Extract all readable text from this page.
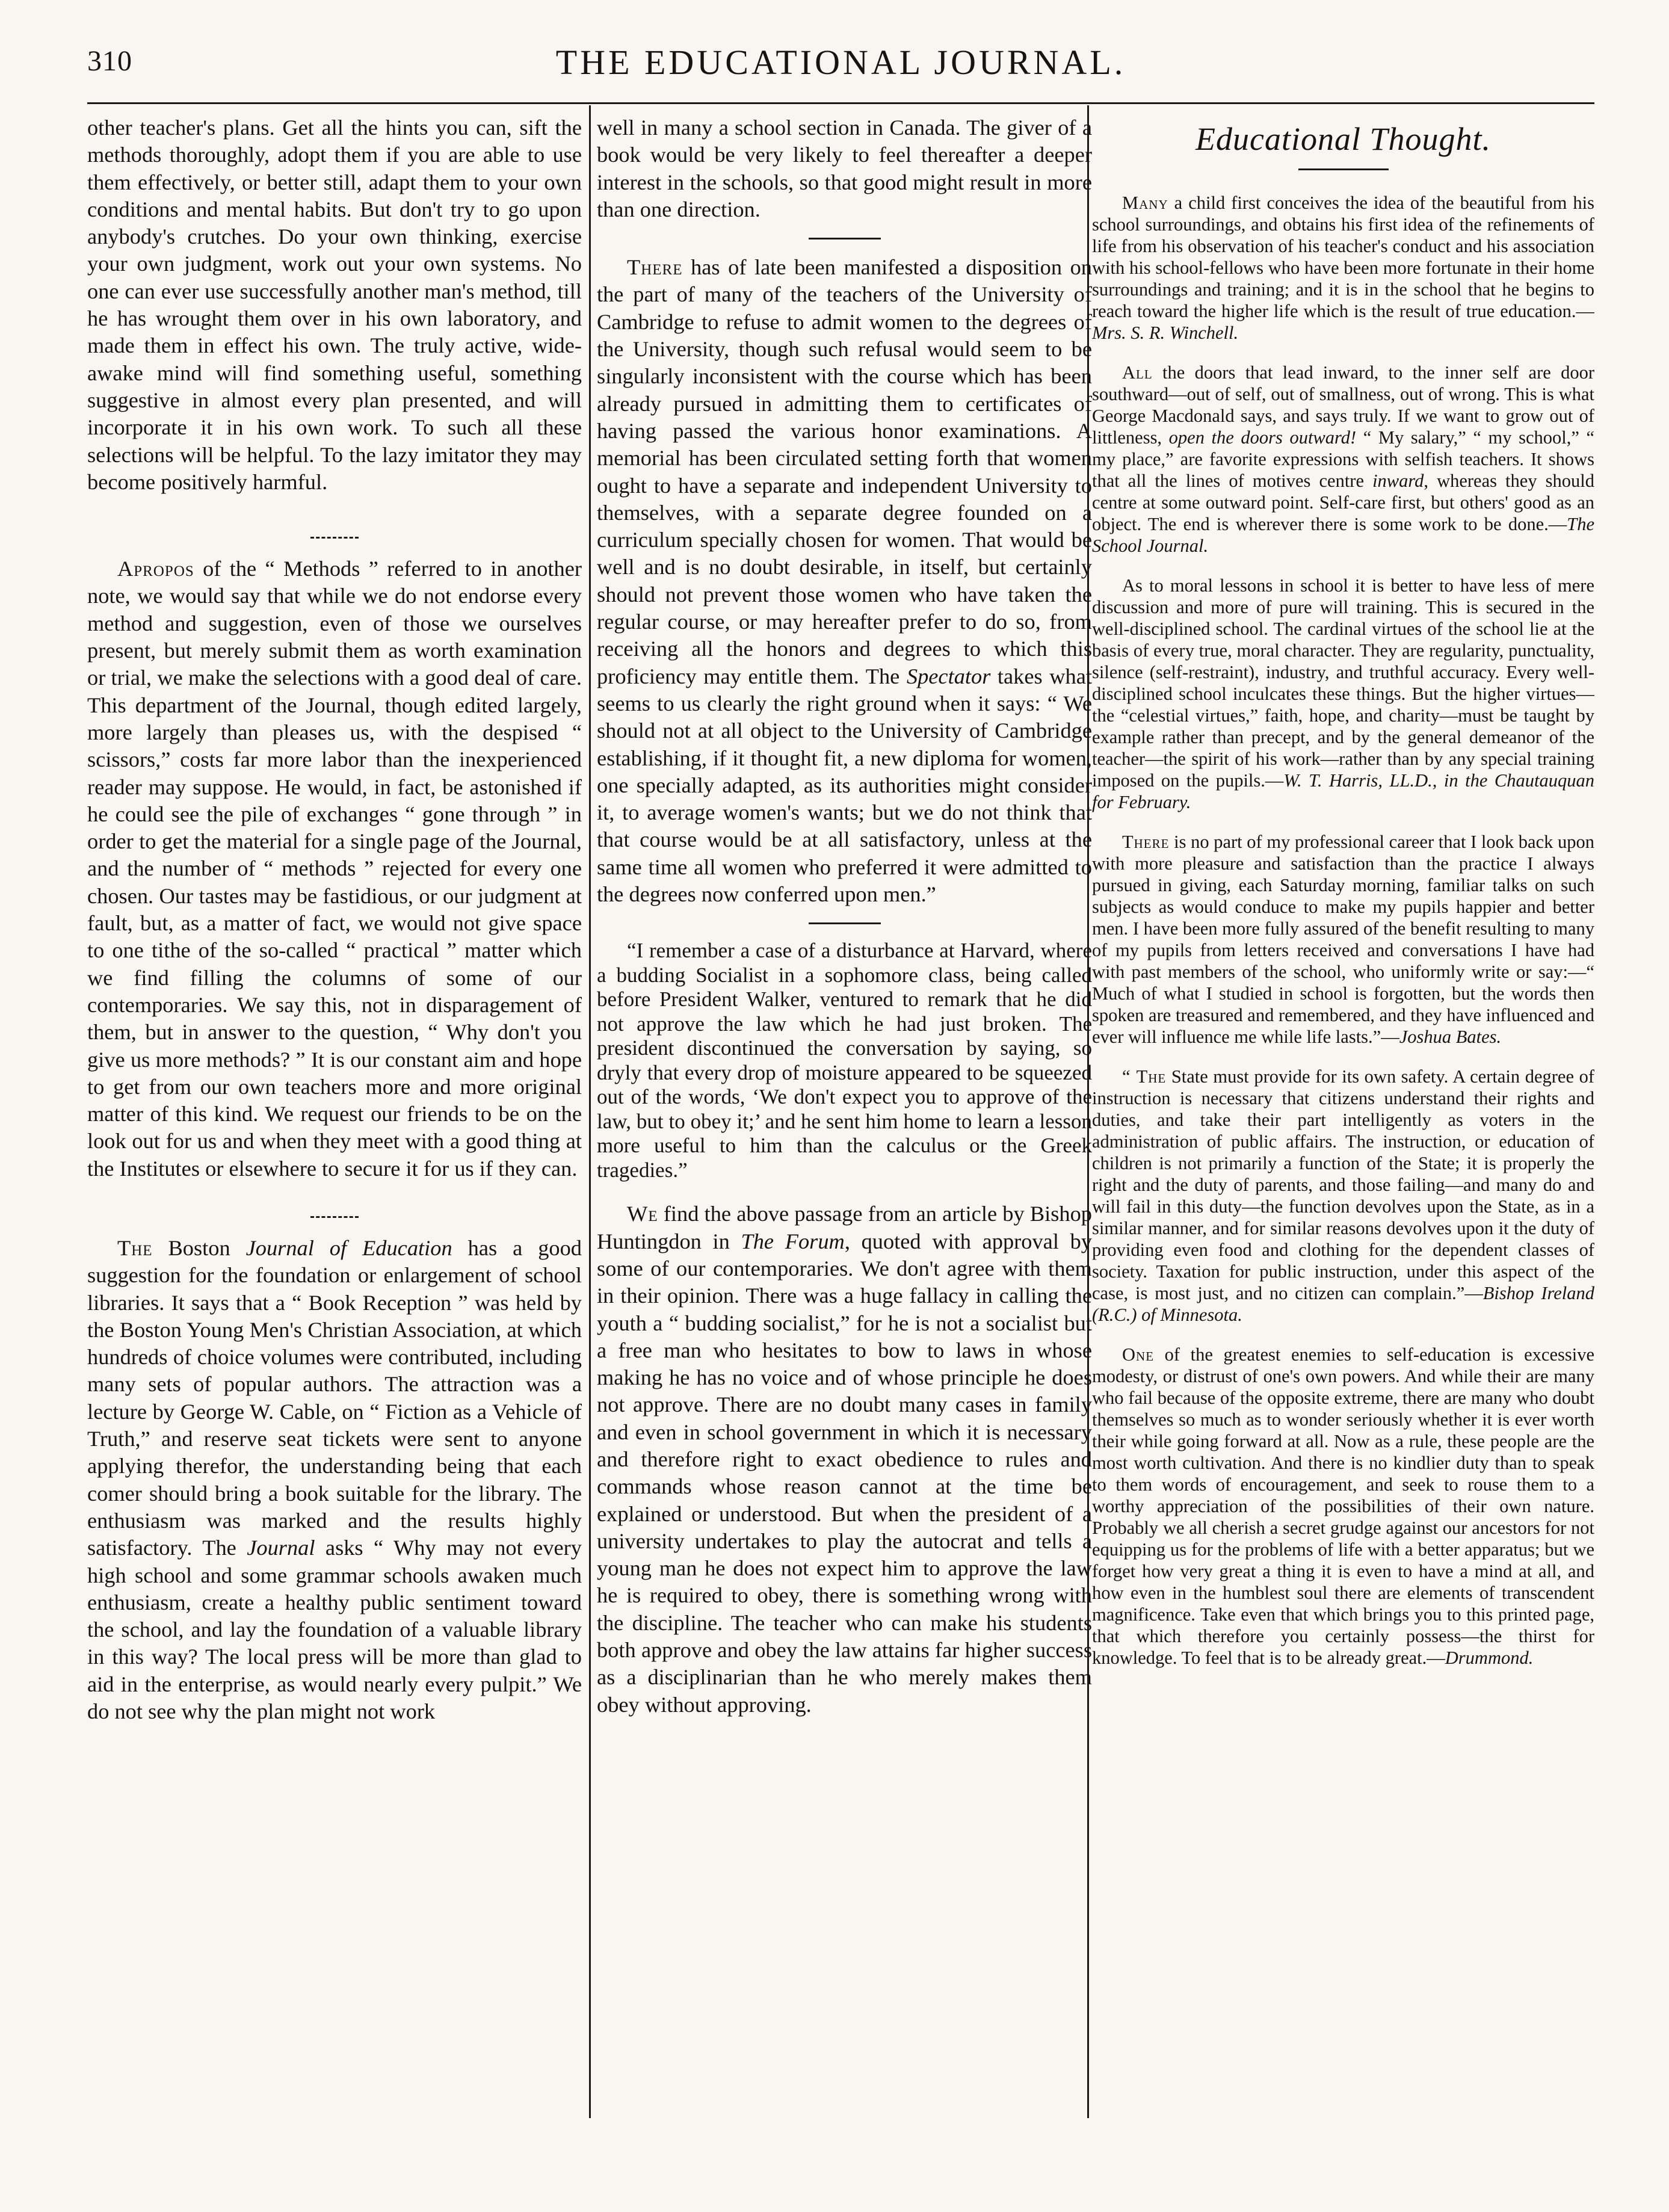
310	THE EDUCATIONAL JOURNAL.

other teacher's plans. Get all the hints you can, sift the methods thoroughly, adopt them if you are able to use them effectively, or better still, adapt them to your own conditions and mental habits. But don't try to go upon anybody's crutches. Do your own thinking, exercise your own judgment, work out your own systems. No one can ever use successfully another man's method, till he has wrought them over in his own laboratory, and made them in effect his own. The truly active, wide-awake mind will find something useful, something suggestive in almost every plan presented, and will incorporate it in his own work. To such all these selections will be helpful. To the lazy imitator they may become positively harmful.

Apropos of the “ Methods ” referred to in another note, we would say that while we do not endorse every method and suggestion, even of those we ourselves present, but merely submit them as worth examination or trial, we make the selections with a good deal of care. This department of the Journal, though edited largely, more largely than pleases us, with the despised “ scissors,” costs far more labor than the inexperienced reader may suppose. He would, in fact, be astonished if he could see the pile of exchanges “ gone through ” in order to get the material for a single page of the Journal, and the number of “ methods ” rejected for every one chosen. Our tastes may be fastidious, or our judgment at fault, but, as a matter of fact, we would not give space to one tithe of the so-called “ practical ” matter which we find filling the columns of some of our contemporaries. We say this, not in disparagement of them, but in answer to the question, “ Why don't you give us more methods? ” It is our constant aim and hope to get from our own teachers more and more original matter of this kind. We request our friends to be on the look out for us and when they meet with a good thing at the Institutes or elsewhere to secure it for us if they can.

The Boston Journal of Education has a good suggestion for the foundation or enlargement of school libraries. It says that a “ Book Reception ” was held by the Boston Young Men's Christian Association, at which hundreds of choice volumes were contributed, including many sets of popular authors. The attraction was a lecture by George W. Cable, on “ Fiction as a Vehicle of Truth,” and reserve seat tickets were sent to anyone applying therefor, the understanding being that each comer should bring a book suitable for the library. The enthusiasm was marked and the results highly satisfactory. The Journal asks “ Why may not every high school and some grammar schools awaken much enthusiasm, create a healthy public sentiment toward the school, and lay the foundation of a valuable library in this way? The local press will be more than glad to aid in the enterprise, as would nearly every pulpit.” We do not see why the plan might not work

well in many a school section in Canada. The giver of a book would be very likely to feel thereafter a deeper interest in the schools, so that good might result in more than one direction.

There has of late been manifested a disposition on the part of many of the teachers of the University of Cambridge to refuse to admit women to the degrees of the University, though such refusal would seem to be singularly inconsistent with the course which has been already pursued in admitting them to certificates of having passed the various honor examinations. A memorial has been circulated setting forth that women ought to have a separate and independent University to themselves, with a separate degree founded on a curriculum specially chosen for women. That would be well and is no doubt desirable, in itself, but certainly should not prevent those women who have taken the regular course, or may hereafter prefer to do so, from receiving all the honors and degrees to which this proficiency may entitle them. The Spectator takes what seems to us clearly the right ground when it says: “ We should not at all object to the University of Cambridge establishing, if it thought fit, a new diploma for women, one specially adapted, as its authorities might consider it, to average women's wants; but we do not think that that course would be at all satisfactory, unless at the same time all women who preferred it were admitted to the degrees now conferred upon men.”

“I remember a case of a disturbance at Harvard, where a budding Socialist in a sophomore class, being called before President Walker, ventured to remark that he did not approve the law which he had just broken. The president discontinued the conversation by saying, so dryly that every drop of moisture appeared to be squeezed out of the words, ‘We don't expect you to approve of the law, but to obey it;’ and he sent him home to learn a lesson more useful to him than the calculus or the Greek tragedies.”

We find the above passage from an article by Bishop Huntingdon in The Forum, quoted with approval by some of our contemporaries. We don't agree with them in their opinion. There was a huge fallacy in calling the youth a “ budding socialist,” for he is not a socialist but a free man who hesitates to bow to laws in whose making he has no voice and of whose principle he does not approve. There are no doubt many cases in family and even in school government in which it is necessary and therefore right to exact obedience to rules and commands whose reason cannot at the time be explained or understood. But when the president of a university undertakes to play the autocrat and tells a young man he does not expect him to approve the law he is required to obey, there is something wrong with the discipline. The teacher who can make his students both approve and obey the law attains far higher success as a disciplinarian than he who merely makes them obey without approving.

Educational Thought.

Many a child first conceives the idea of the beautiful from his school surroundings, and obtains his first idea of the refinements of life from his observation of his teacher's conduct and his association with his school-fellows who have been more fortunate in their home surroundings and training; and it is in the school that he begins to reach toward the higher life which is the result of true education.—Mrs. S. R. Winchell.

All the doors that lead inward, to the inner self are door southward—out of self, out of smallness, out of wrong. This is what George Macdonald says, and says truly. If we want to grow out of littleness, open the doors outward! “ My salary,” “ my school,” “ my place,” are favorite expressions with selfish teachers. It shows that all the lines of motives centre inward, whereas they should centre at some outward point. Self-care first, but others' good as an object. The end is wherever there is some work to be done.—The School Journal.

As to moral lessons in school it is better to have less of mere discussion and more of pure will training. This is secured in the well-disciplined school. The cardinal virtues of the school lie at the basis of every true, moral character. They are regularity, punctuality, silence (self-restraint), industry, and truthful accuracy. Every well-disciplined school inculcates these things. But the higher virtues—the “celestial virtues,” faith, hope, and charity—must be taught by example rather than precept, and by the general demeanor of the teacher—the spirit of his work—rather than by any special training imposed on the pupils.—W. T. Harris, LL.D., in the Chautauquan for February.

There is no part of my professional career that I look back upon with more pleasure and satisfaction than the practice I always pursued in giving, each Saturday morning, familiar talks on such subjects as would conduce to make my pupils happier and better men. I have been more fully assured of the benefit resulting to many of my pupils from letters received and conversations I have had with past members of the school, who uniformly write or say:—“ Much of what I studied in school is forgotten, but the words then spoken are treasured and remembered, and they have influenced and ever will influence me while life lasts.”—Joshua Bates.

“ The State must provide for its own safety. A certain degree of instruction is necessary that citizens understand their rights and duties, and take their part intelligently as voters in the administration of public affairs. The instruction, or education of children is not primarily a function of the State; it is properly the right and the duty of parents, and those failing—and many do and will fail in this duty—the function devolves upon the State, as in a similar manner, and for similar reasons devolves upon it the duty of providing even food and clothing for the dependent classes of society. Taxation for public instruction, under this aspect of the case, is most just, and no citizen can complain.”—Bishop Ireland (R.C.) of Minnesota.

One of the greatest enemies to self-education is excessive modesty, or distrust of one's own powers. And while their are many who fail because of the opposite extreme, there are many who doubt themselves so much as to wonder seriously whether it is ever worth their while going forward at all. Now as a rule, these people are the most worth cultivation. And there is no kindlier duty than to speak to them words of encouragement, and seek to rouse them to a worthy appreciation of the possibilities of their own nature. Probably we all cherish a secret grudge against our ancestors for not equipping us for the problems of life with a better apparatus; but we forget how very great a thing it is even to have a mind at all, and how even in the humblest soul there are elements of transcendent magnificence. Take even that which brings you to this printed page, that which therefore you certainly possess—the thirst for knowledge. To feel that is to be already great.—Drummond.
